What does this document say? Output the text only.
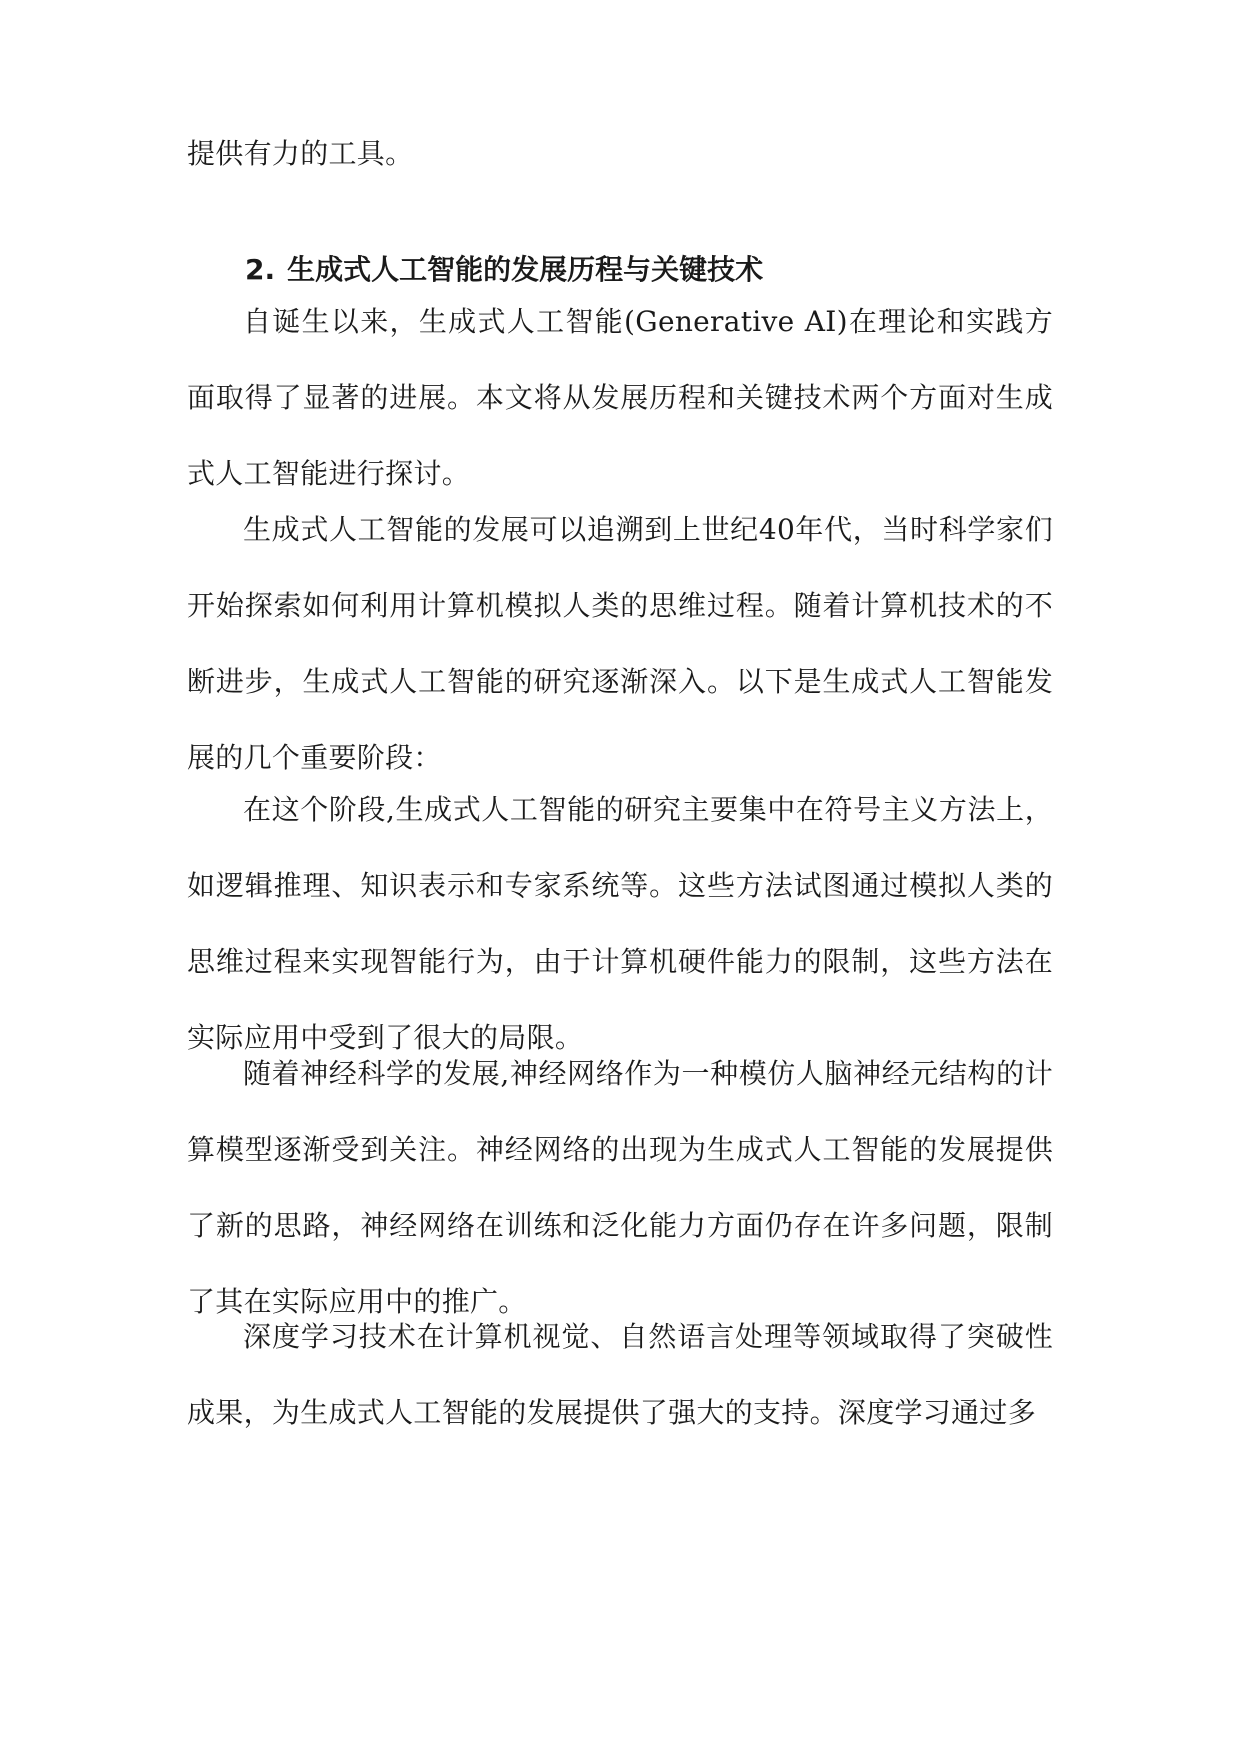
提供有力的工具。

2. 生成式人工智能的发展历程与关键技术

自诞生以来，生成式人工智能(Generative AI)在理论和实践方面取得了显著的进展。本文将从发展历程和关键技术两个方面对生成式人工智能进行探讨。

生成式人工智能的发展可以追溯到上世纪40年代，当时科学家们开始探索如何利用计算机模拟人类的思维过程。随着计算机技术的不断进步，生成式人工智能的研究逐渐深入。以下是生成式人工智能发展的几个重要阶段：

在这个阶段,生成式人工智能的研究主要集中在符号主义方法上，如逻辑推理、知识表示和专家系统等。这些方法试图通过模拟人类的思维过程来实现智能行为，由于计算机硬件能力的限制，这些方法在实际应用中受到了很大的局限。

随着神经科学的发展,神经网络作为一种模仿人脑神经元结构的计算模型逐渐受到关注。神经网络的出现为生成式人工智能的发展提供了新的思路，神经网络在训练和泛化能力方面仍存在许多问题，限制了其在实际应用中的推广。

深度学习技术在计算机视觉、自然语言处理等领域取得了突破性成果，为生成式人工智能的发展提供了强大的支持。深度学习通过多
